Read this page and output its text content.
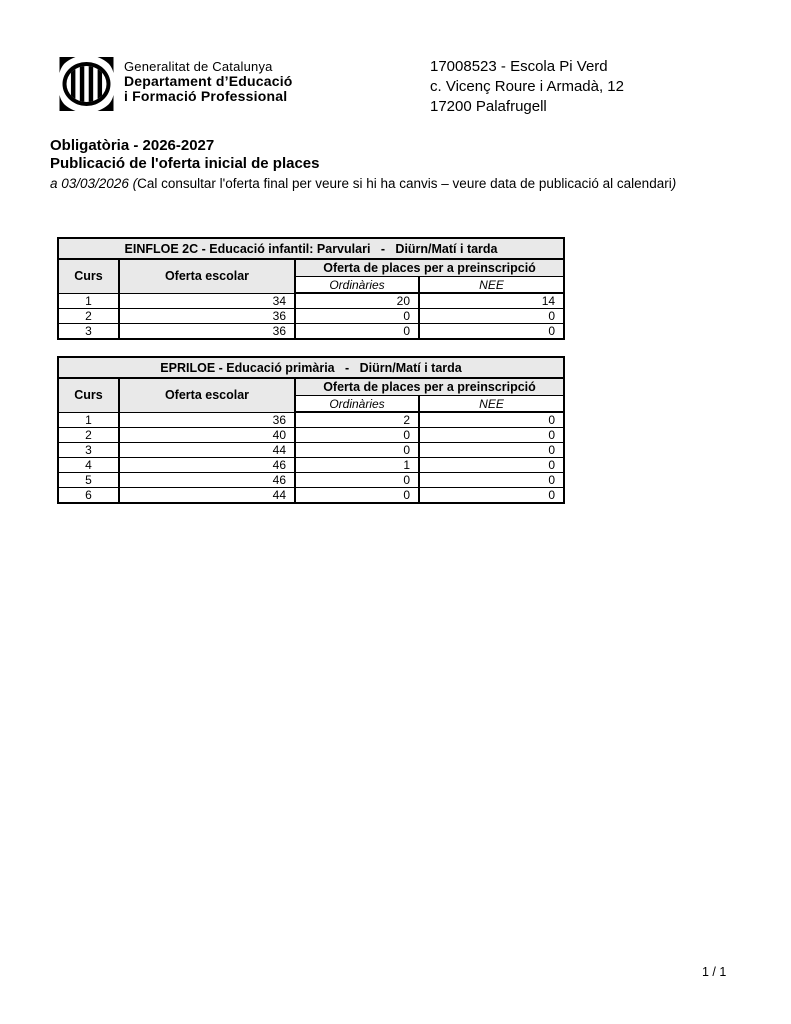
Generalitat de Catalunya
Departament d’Educació
i Formació Professional
17008523 - Escola Pi Verd
c. Vicenç Roure i Armadà, 12
17200 Palafrugell
Obligatòria - 2026-2027
Publicació de l'oferta inicial de places
a 03/03/2026 (Cal consultar l'oferta final per veure si hi ha canvis – veure data de publicació al calendari)
EINFLOE 2C - Educació infantil: Parvulari   -   Diürn/Matí i tarda			
Curs	Oferta escolar	Oferta de places per a preinscripció	
		Ordinàries	NEE
1	34	20	14
2	36	0	0
3	36	0	0
EPRILOE - Educació primària   -   Diürn/Matí i tarda			
Curs	Oferta escolar	Oferta de places per a preinscripció	
		Ordinàries	NEE
1	36	2	0
2	40	0	0
3	44	0	0
4	46	1	0
5	46	0	0
6	44	0	0
1 / 1
